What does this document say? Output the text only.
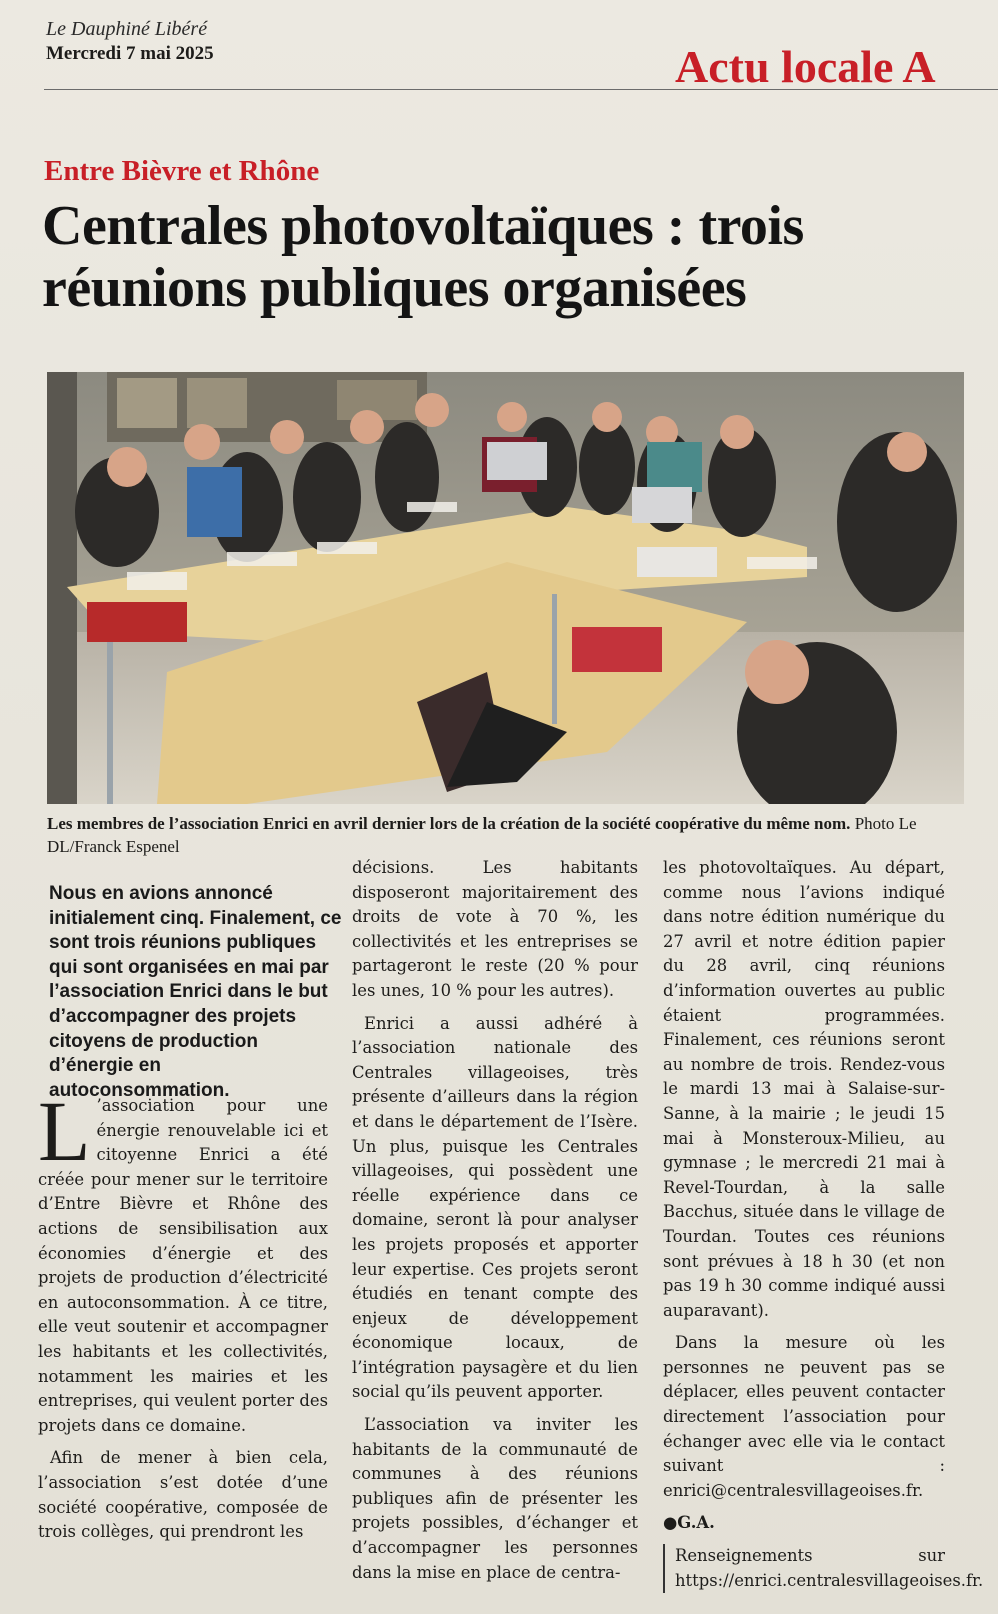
Le Dauphiné Libéré
Mercredi 7 mai 2025	Actu locale A
Entre Bièvre et Rhône
Centrales photovoltaïques : trois réunions publiques organisées
Les membres de l’association Enrici en avril dernier lors de la création de la société coopérative du même nom. Photo Le DL/Franck Espenel
Nous en avions annoncé initialement cinq. Finalement, ce sont trois réunions publiques qui sont organisées en mai par l’association Enrici dans le but d’accompagner des projets citoyens de production d’énergie en autoconsommation.

L ’association pour une énergie renouvelable ici et citoyenne Enrici a été créée pour mener sur le territoire d’Entre Bièvre et Rhône des actions de sensibilisation aux économies d’énergie et des projets de production d’électricité en autoconsommation. À ce titre, elle veut soutenir et accompagner les habitants et les collectivités, notamment les mairies et les entreprises, qui veulent porter des projets dans ce domaine.

Afin de mener à bien cela, l’association s’est dotée d’une société coopérative, composée de trois collèges, qui prendront les

décisions. Les habitants disposeront majoritairement des droits de vote à 70 %, les collectivités et les entreprises se partageront le reste (20 % pour les unes, 10 % pour les autres).

Enrici a aussi adhéré à l’association nationale des Centrales villageoises, très présente d’ailleurs dans la région et dans le département de l’Isère. Un plus, puisque les Centrales villageoises, qui possèdent une réelle expérience dans ce domaine, seront là pour analyser les projets proposés et apporter leur expertise. Ces projets seront étudiés en tenant compte des enjeux de développement économique locaux, de l’intégration paysagère et du lien social qu’ils peuvent apporter.

L’association va inviter les habitants de la communauté de communes à des réunions publiques afin de présenter les projets possibles, d’échanger et d’accompagner les personnes dans la mise en place de centra-

les photovoltaïques. Au départ, comme nous l’avions indiqué dans notre édition numérique du 27 avril et notre édition papier du 28 avril, cinq réunions d’information ouvertes au public étaient programmées. Finalement, ces réunions seront au nombre de trois. Rendez-vous le mardi 13 mai à Salaise-sur-Sanne, à la mairie ; le jeudi 15 mai à Monsteroux-Milieu, au gymnase ; le mercredi 21 mai à Revel-Tourdan, à la salle Bacchus, située dans le village de Tourdan. Toutes ces réunions sont prévues à 18 h 30 (et non pas 19 h 30 comme indiqué aussi auparavant).

Dans la mesure où les personnes ne peuvent pas se déplacer, elles peuvent contacter directement l’association pour échanger avec elle via le contact suivant : enrici@centralesvillageoises.fr.

●G.A.

Renseignements sur https://enrici.centralesvillageoises.fr.
